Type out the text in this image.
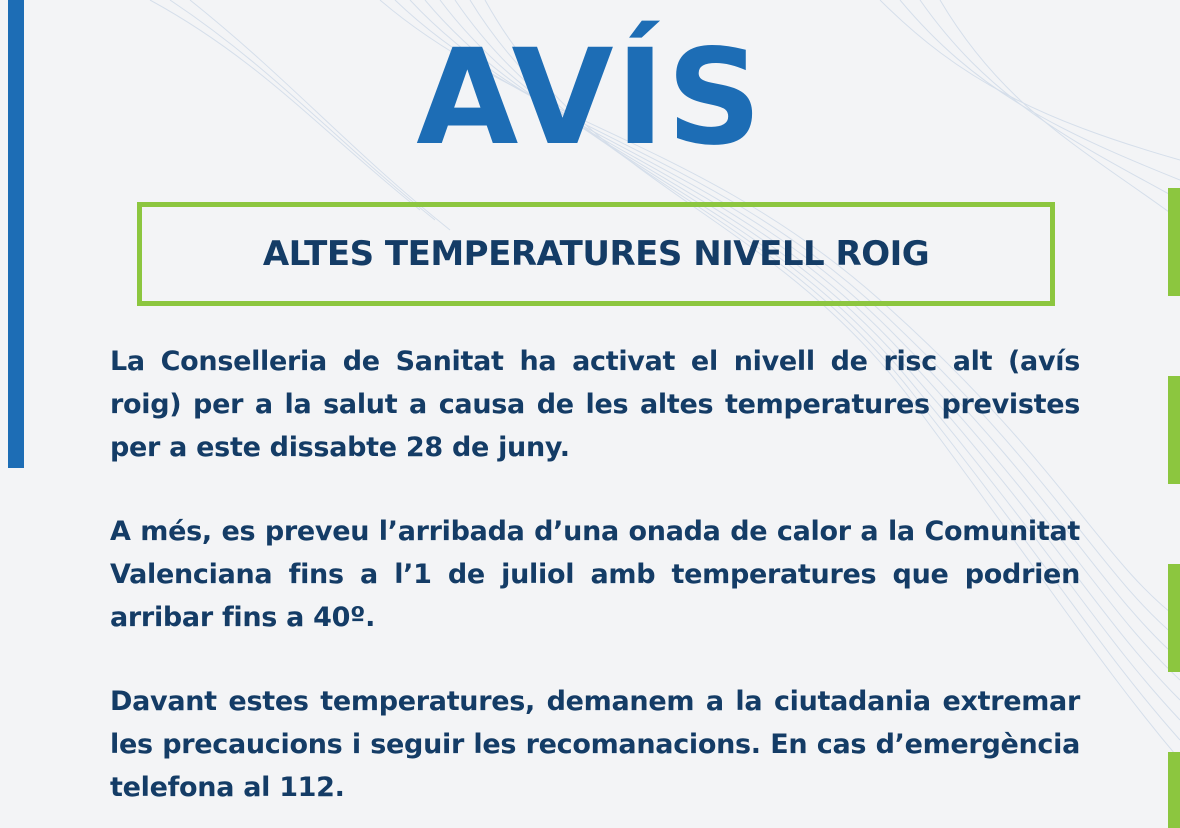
AVÍS
ALTES TEMPERATURES NIVELL ROIG

La Conselleria de Sanitat ha activat el nivell de risc alt (avís roig) per a la salut a causa de les altes temperatures previstes per a este dissabte 28 de juny.

A més, es preveu l’arribada d’una onada de calor a la Comunitat Valenciana fins a l’1 de juliol amb temperatures que podrien arribar fins a 40º.

Davant estes temperatures, demanem a la ciutadania extremar les precaucions i seguir les recomanacions. En cas d’emergència telefona al 112.
